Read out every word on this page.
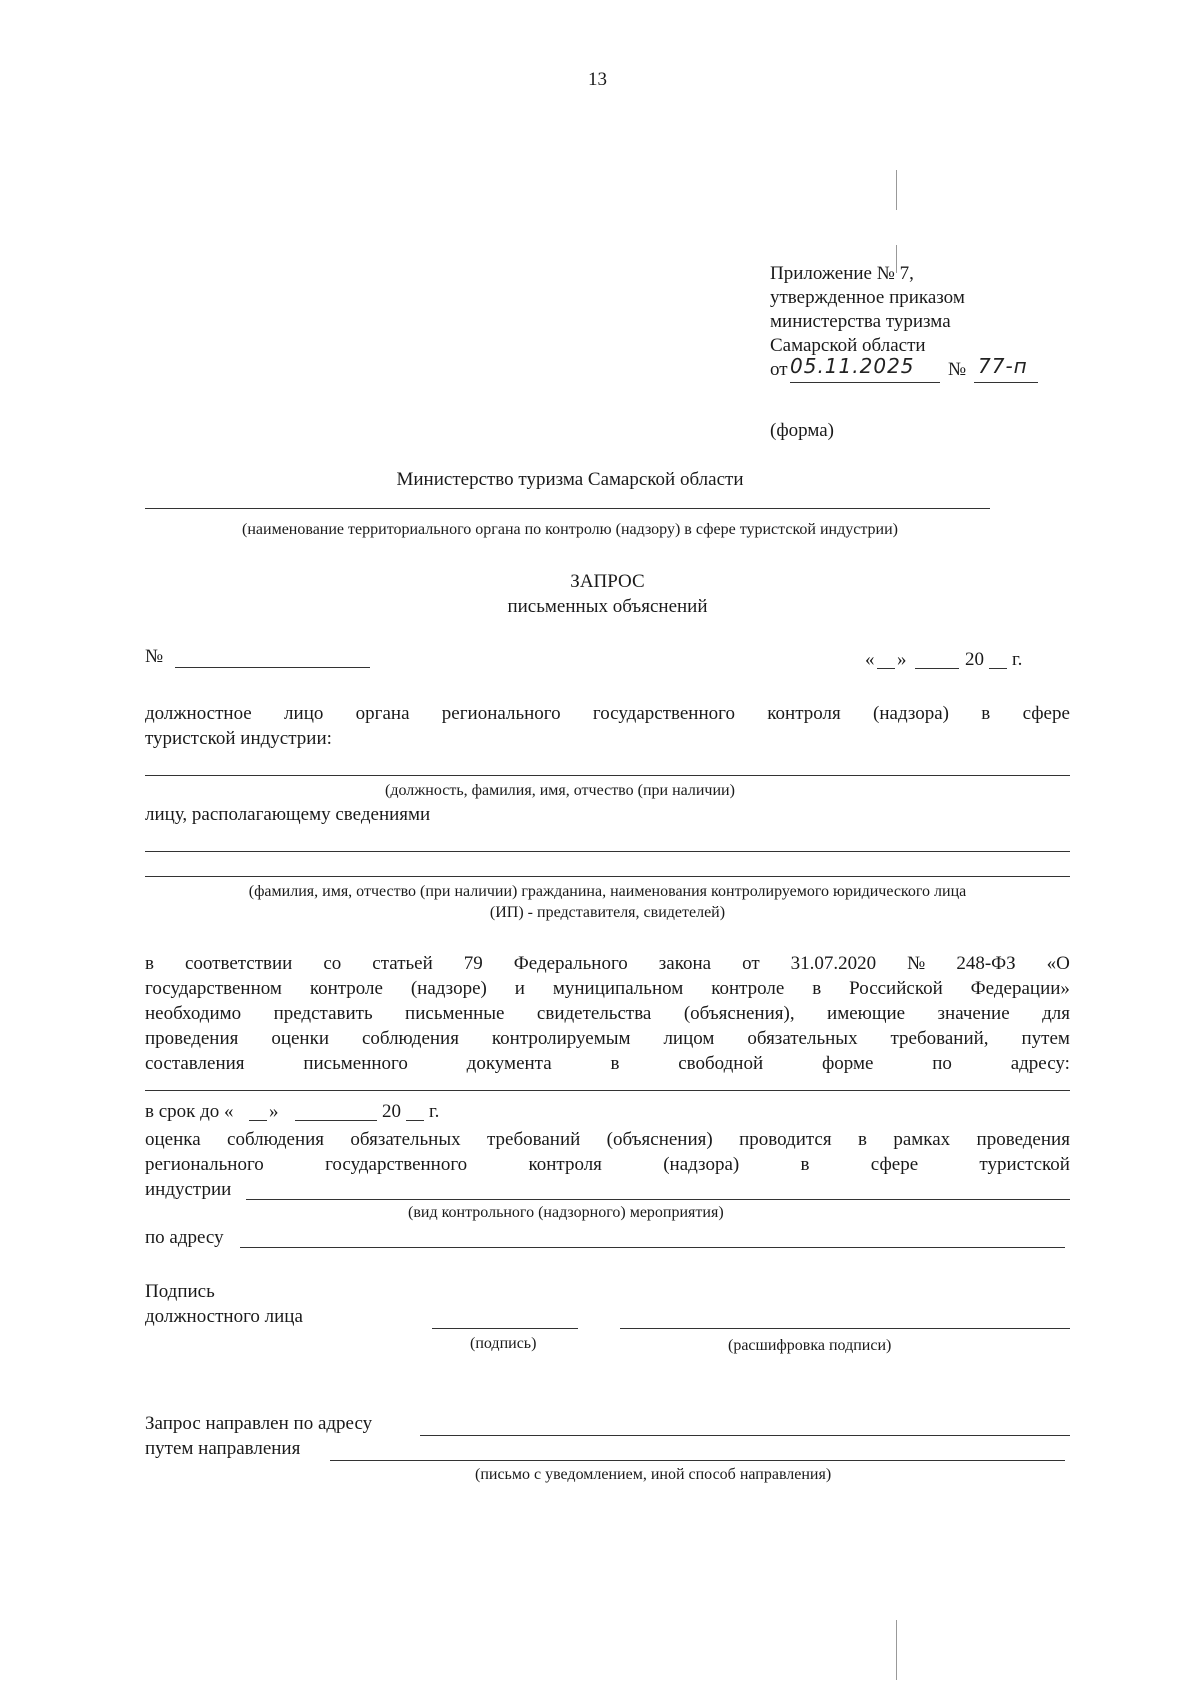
13
Приложение № 7,
утвержденное приказом
министерства туризма
Самарской области
от 05.11.2025 № 77-п
(форма)
Министерство туризма Самарской области
(наименование территориального органа по контролю (надзору) в сфере туристской индустрии)
ЗАПРОС
письменных объяснений
№	« »	20 г.
должностное лицо органа регионального государственного контроля (надзора) в сфере
туристской индустрии:
(должность, фамилия, имя, отчество (при наличии)
лицу, располагающему сведениями
(фамилия, имя, отчество (при наличии) гражданина, наименования контролируемого юридического лица
(ИП) - представителя, свидетелей)
в соответствии со статьей 79 Федерального закона от 31.07.2020 № 248-ФЗ «О
государственном контроле (надзоре) и муниципальном контроле в Российской Федерации»
необходимо представить письменные свидетельства (объяснения), имеющие значение для
проведения оценки соблюдения контролируемым лицом обязательных требований, путем
составления	письменного	документа	в	свободной	форме	по	адресу:
в срок до « »	20 г.
оценка соблюдения обязательных требований (объяснения) проводится в рамках проведения
регионального	государственного	контроля	(надзора)	в	сфере	туристской
индустрии
(вид контрольного (надзорного) мероприятия)
по адресу
Подпись
должностного лица
(подпись)	(расшифровка подписи)
Запрос направлен по адресу
путем направления
(письмо с уведомлением, иной способ направления)
